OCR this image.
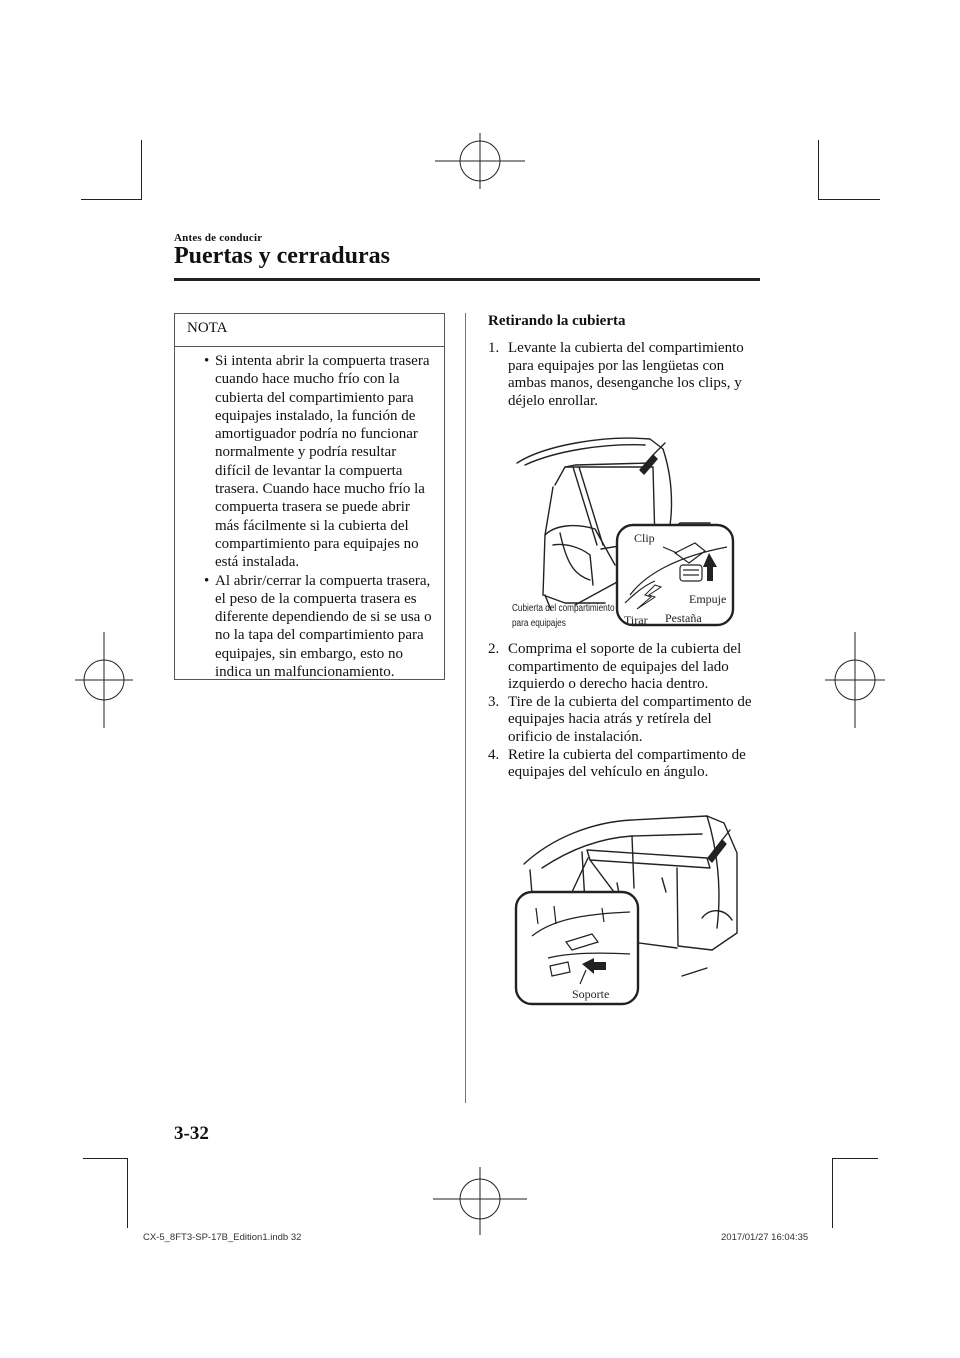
Antes de conducir
Puertas y cerraduras
NOTA
• Si intenta abrir la compuerta trasera cuando hace mucho frío con la cubierta del compartimiento para equipajes instalado, la función de amortiguador podría no funcionar normalmente y podría resultar difícil de levantar la compuerta trasera. Cuando hace mucho frío la compuerta trasera se puede abrir más fácilmente si la cubierta del compartimiento para equipajes no está instalada.
• Al abrir/cerrar la compuerta trasera, el peso de la compuerta trasera es diferente dependiendo de si se usa o no la tapa del compartimiento para equipajes, sin embargo, esto no indica un malfuncionamiento.
Retirando la cubierta
1. Levante la cubierta del compartimiento para equipajes por las lengüetas con ambas manos, desenganche los clips, y déjelo enrollar.
Clip
Empuje
Tirar Pestaña
Cubierta del compartimiento
para equipajes
2. Comprima el soporte de la cubierta del compartimento de equipajes del lado izquierdo o derecho hacia dentro.
3. Tire de la cubierta del compartimento de equipajes hacia atrás y retírela del orificio de instalación.
4. Retire la cubierta del compartimento de equipajes del vehículo en ángulo.
Soporte
3-32
CX-5_8FT3-SP-17B_Edition1.indb 32	2017/01/27 16:04:35
